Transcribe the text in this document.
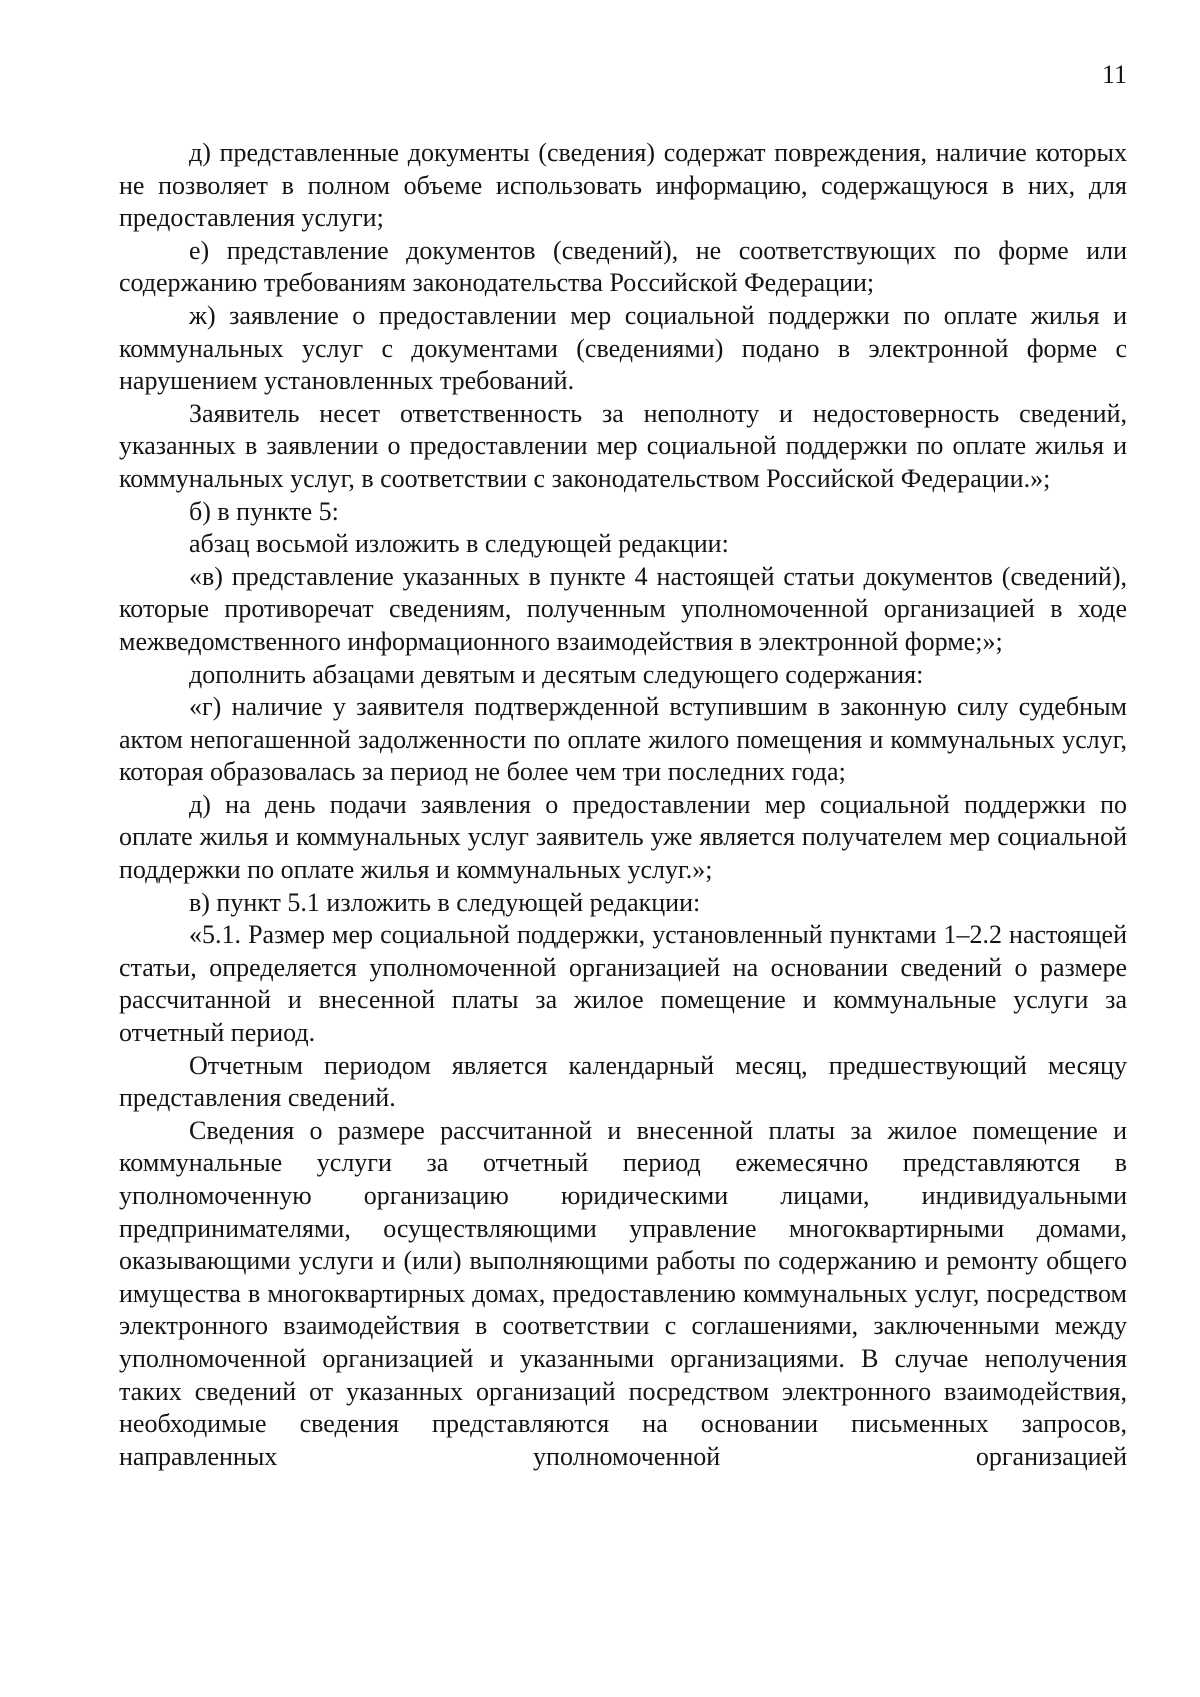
11

д) представленные документы (сведения) содержат повреждения, наличие которых не позволяет в полном объеме использовать информацию, содержащуюся в них, для предоставления услуги;

е) представление документов (сведений), не соответствующих по форме или содержанию требованиям законодательства Российской Федерации;

ж) заявление о предоставлении мер социальной поддержки по оплате жилья и коммунальных услуг с документами (сведениями) подано в электронной форме с нарушением установленных требований.

Заявитель несет ответственность за неполноту и недостоверность сведений, указанных в заявлении о предоставлении мер социальной поддержки по оплате жилья и коммунальных услуг, в соответствии с законодательством Российской Федерации.»;

б) в пункте 5:

абзац восьмой изложить в следующей редакции:

«в) представление указанных в пункте 4 настоящей статьи документов (сведений), которые противоречат сведениям, полученным уполномоченной организацией в ходе межведомственного информационного взаимодействия в электронной форме;»;

дополнить абзацами девятым и десятым следующего содержания:

«г) наличие у заявителя подтвержденной вступившим в законную силу судебным актом непогашенной задолженности по оплате жилого помещения и коммунальных услуг, которая образовалась за период не более чем три последних года;

д) на день подачи заявления о предоставлении мер социальной поддержки по оплате жилья и коммунальных услуг заявитель уже является получателем мер социальной поддержки по оплате жилья и коммунальных услуг.»;

в) пункт 5.1 изложить в следующей редакции:

«5.1. Размер мер социальной поддержки, установленный пунктами 1–2.2 настоящей статьи, определяется уполномоченной организацией на основании сведений о размере рассчитанной и внесенной платы за жилое помещение и коммунальные услуги за отчетный период.

Отчетным периодом является календарный месяц, предшествующий месяцу представления сведений.

Сведения о размере рассчитанной и внесенной платы за жилое помещение и коммунальные услуги за отчетный период ежемесячно представляются в уполномоченную организацию юридическими лицами, индивидуальными предпринимателями, осуществляющими управление многоквартирными домами, оказывающими услуги и (или) выполняющими работы по содержанию и ремонту общего имущества в многоквартирных домах, предоставлению коммунальных услуг, посредством электронного взаимодействия в соответствии с соглашениями, заключенными между уполномоченной организацией и указанными организациями. В случае неполучения таких сведений от указанных организаций посредством электронного взаимодействия, необходимые сведения представляются на основании письменных запросов, направленных уполномоченной организацией
